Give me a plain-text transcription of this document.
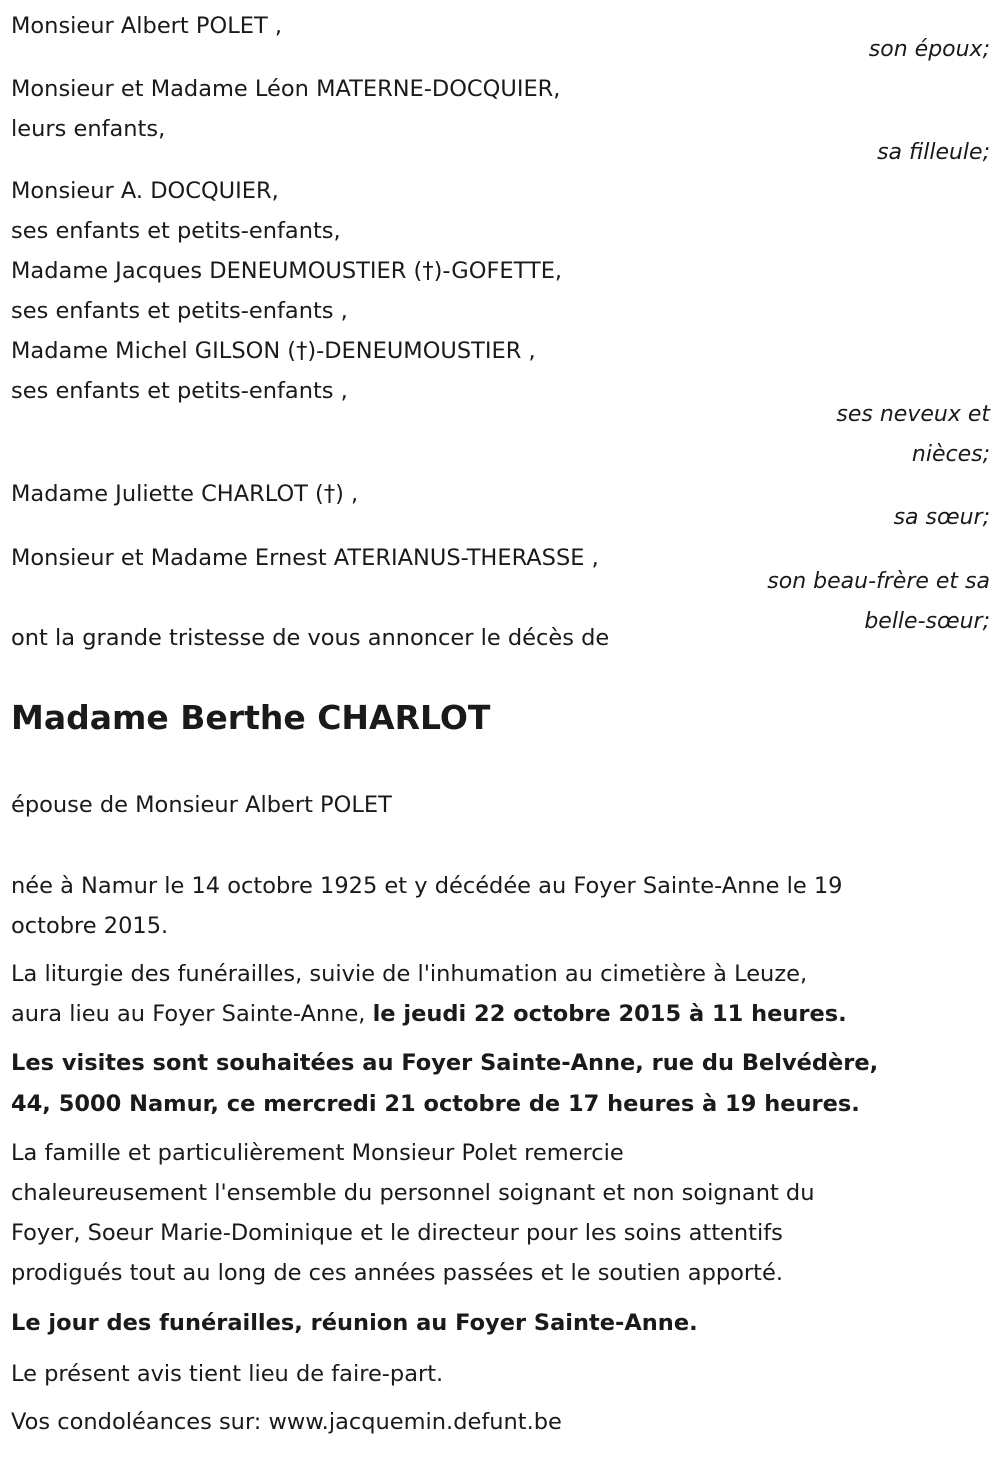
Monsieur Albert POLET ,
Monsieur et Madame Léon MATERNE-DOCQUIER,
leurs enfants,
Monsieur A. DOCQUIER,
ses enfants et petits-enfants,
Madame Jacques DENEUMOUSTIER (†)-GOFETTE,
ses enfants et petits-enfants ,
Madame Michel GILSON (†)-DENEUMOUSTIER ,
ses enfants et petits-enfants ,
Madame Juliette CHARLOT (†) ,
Monsieur et Madame Ernest ATERIANUS-THERASSE ,
ont la grande tristesse de vous annoncer le décès de
son époux;
sa filleule;
ses neveux et
nièces;
sa sœur;
son beau-frère et sa
belle-sœur;
Madame Berthe CHARLOT
épouse de Monsieur Albert POLET
née à Namur le 14 octobre 1925 et y décédée au Foyer Sainte-Anne le 19
octobre 2015.
La liturgie des funérailles, suivie de l'inhumation au cimetière à Leuze,
aura lieu au Foyer Sainte-Anne, le jeudi 22 octobre 2015 à 11 heures.
Les visites sont souhaitées au Foyer Sainte-Anne, rue du Belvédère,
44, 5000 Namur, ce mercredi 21 octobre de 17 heures à 19 heures.
La famille et particulièrement Monsieur Polet remercie
chaleureusement l'ensemble du personnel soignant et non soignant du
Foyer, Soeur Marie-Dominique et le directeur pour les soins attentifs
prodigués tout au long de ces années passées et le soutien apporté.
Le jour des funérailles, réunion au Foyer Sainte-Anne.
Le présent avis tient lieu de faire-part.
Vos condoléances sur: www.jacquemin.defunt.be
